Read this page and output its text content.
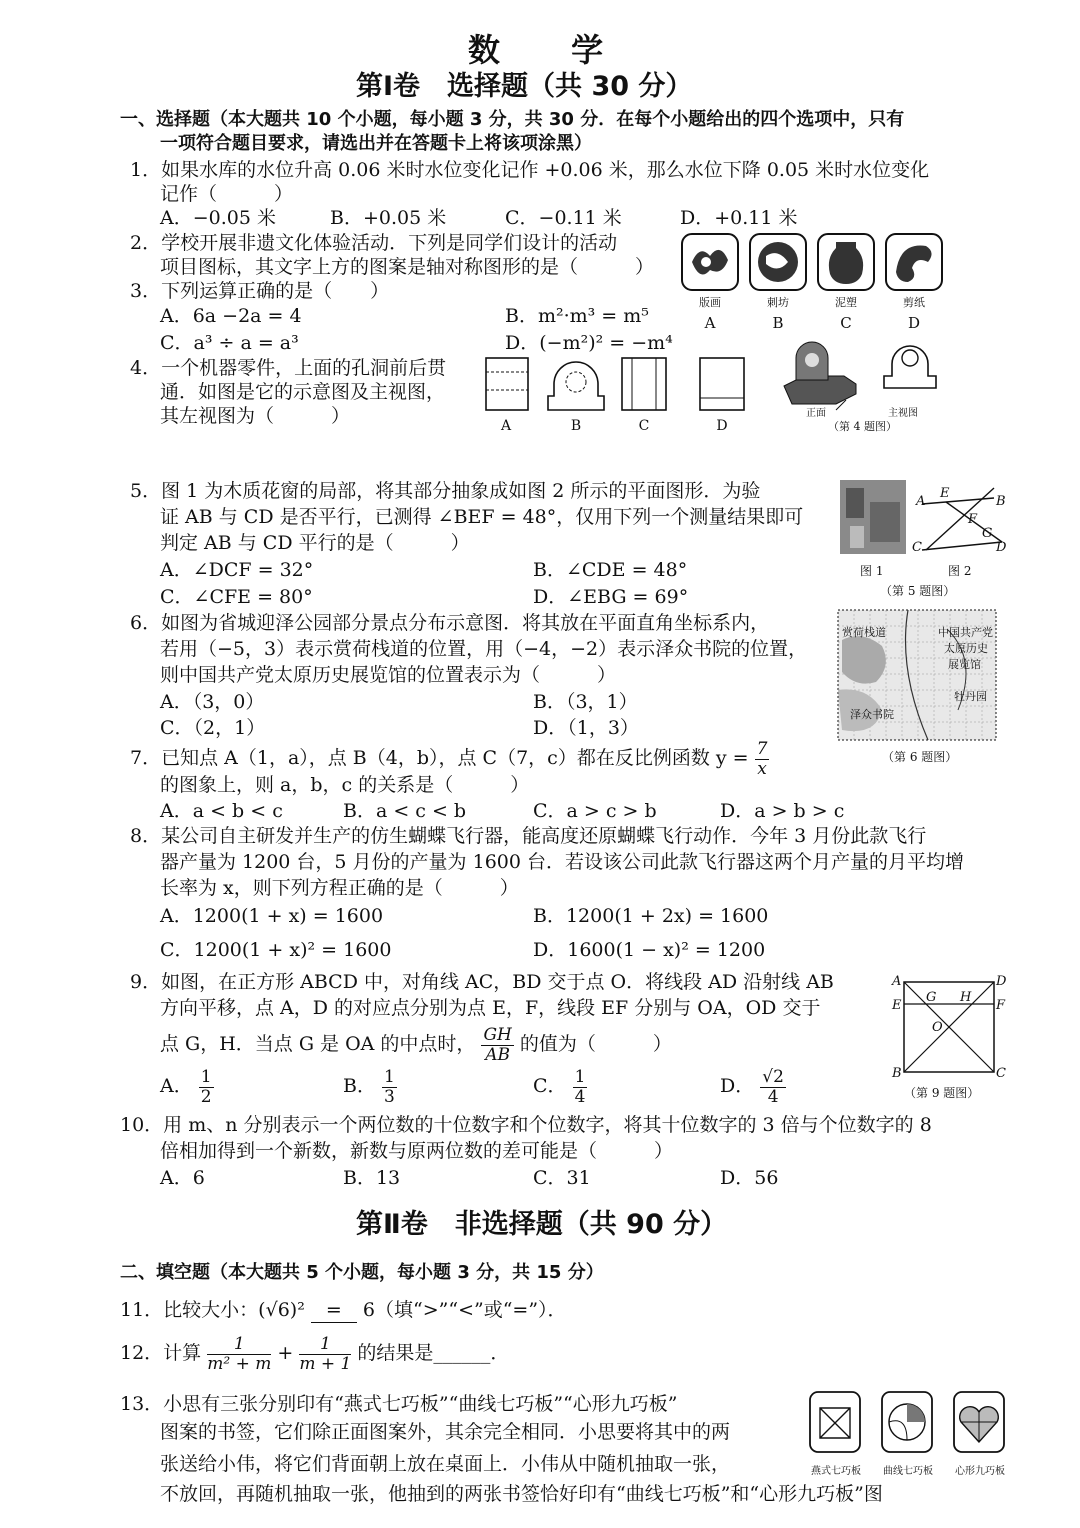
数 学
第Ⅰ卷　选择题（共 30 分）
一、选择题（本大题共 10 个小题，每小题 3 分，共 30 分．在每个小题给出的四个选项中，只有
一项符合题目要求，请选出并在答题卡上将该项涂黑）
1．如果水库的水位升高 0.06 米时水位变化记作 +0.06 米，那么水位下降 0.05 米时水位变化
记作（　　　）
A．−0.05 米	B．+0.05 米	C．−0.11 米	D．+0.11 米
2．学校开展非遗文化体验活动．下列是同学们设计的活动
项目图标，其文字上方的图案是轴对称图形的是（　　　）
版画	刺坊	泥塑	剪纸
A	B	C	D
3．下列运算正确的是（　　）
A．6a −2a = 4	B．m²·m³ = m⁵
C．a³ ÷ a = a³	D．(−m²)² = −m⁴
4．一个机器零件，上面的孔洞前后贯
通．如图是它的示意图及主视图，
其左视图为（　　　）	A	B	C	D
正面	主视图
（第 4 题图）
5．图 1 为木质花窗的局部，将其部分抽象成如图 2 所示的平面图形．为验
证 AB 与 CD 是否平行，已测得 ∠BEF = 48°，仅用下列一个测量结果即可
判定 AB 与 CD 平行的是（　　　）
A．∠DCF = 32°	B．∠CDE = 48°
C．∠CFE = 80°	D．∠EBG = 69°
A
E
B
F
G
C	D
图 1	图 2
（第 5 题图）
6．如图为省城迎泽公园部分景点分布示意图．将其放在平面直角坐标系内，
若用（−5，3）表示赏荷栈道的位置，用（−4，−2）表示泽众书院的位置，
则中国共产党太原历史展览馆的位置表示为（　　　）
A．（3，0）	B．（3，1）
C．（2，1）	D．（1，3）
赏荷栈道	中国共产党
太原历史
展览馆
牡丹园
泽众书院
（第 6 题图）
7．已知点 A（1，a），点 B（4，b），点 C（7，c）都在反比例函数 $y = \frac{7}{x}$
的图象上，则 a，b，c 的关系是（　　　）
A．a < b < c	B．a < c < b	C．a > c > b	D．a > b > c
8．某公司自主研发并生产的仿生蝴蝶飞行器，能高度还原蝴蝶飞行动作．今年 3 月份此款飞行
器产量为 1200 台，5 月份的产量为 1600 台．若设该公司此款飞行器这两个月产量的月平均增
长率为 x，则下列方程正确的是（　　　）
A．1200(1 + x) = 1600	B．1200(1 + 2x) = 1600
C．1200(1 + x)² = 1600	D．1600(1 − x)² = 1200
9．如图，在正方形 ABCD 中，对角线 AC，BD 交于点 O．将线段 AD 沿射线 AB
方向平移，点 A，D 的对应点分别为点 E，F，线段 EF 分别与 OA，OD 交于
点 G，H．当点 G 是 OA 的中点时， $\frac{GH}{AB}$ 的值为（　　　）
A． $\frac{1}{2}$	B． $\frac{1}{3}$	C． $\frac{1}{4}$	D． $\frac{√2}{4}$
A	D
E
G H
F
O
B	C
（第 9 题图）
10．用 m、n 分别表示一个两位数的十位数字和个位数字，将其十位数字的 3 倍与个位数字的 8
倍相加得到一个新数，新数与原两位数的差可能是（　　　）
A．6	B．13	C．31	D．56
第Ⅱ卷　非选择题（共 90 分）
二、填空题（本大题共 5 个小题，每小题 3 分，共 15 分）
11．比较大小：(√6)² = 6（填“>”“<”或“=”）．
12．计算 $\frac{1}{\text{m² + m}} + \frac{1}{m + 1}$ 的结果是______．
13．小思有三张分别印有“燕式七巧板”“曲线七巧板”“心形九巧板”
图案的书签，它们除正面图案外，其余完全相同．小思要将其中的两
张送给小伟，将它们背面朝上放在桌面上．小伟从中随机抽取一张，
不放回，再随机抽取一张，他抽到的两张书签恰好印有“曲线七巧板”和“心形九巧板”图
燕式七巧板	曲线七巧板	心形九巧板
